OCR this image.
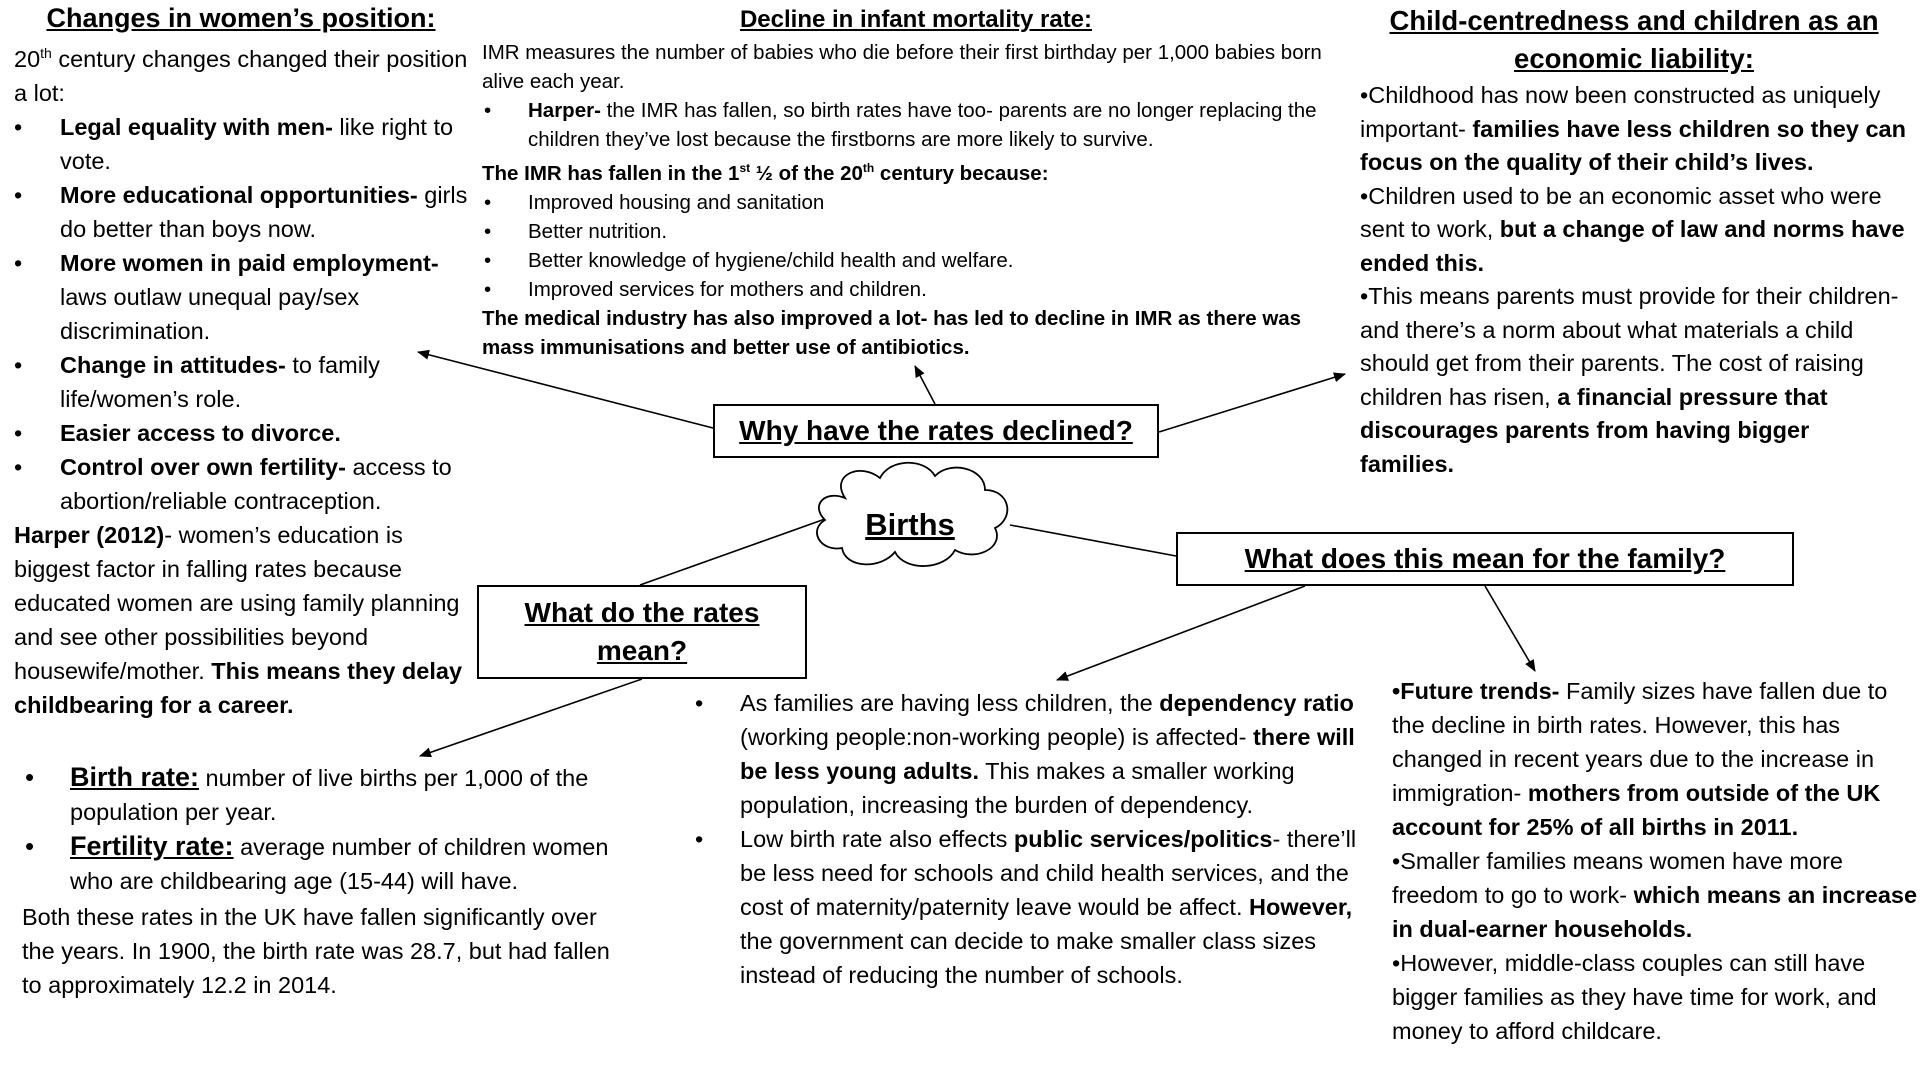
Changes in women’s position:

20th century changes changed their position a lot:

• Legal equality with men- like right to vote.
• More educational opportunities- girls do better than boys now.
• More women in paid employment- laws outlaw unequal pay/sex discrimination.
• Change in attitudes- to family life/women’s role.
• Easier access to divorce.
• Control over own fertility- access to abortion/reliable contraception.

Harper (2012)- women’s education is biggest factor in falling rates because educated women are using family planning and see other possibilities beyond housewife/mother. This means they delay childbearing for a career.

Decline in infant mortality rate:

IMR measures the number of babies who die before their first birthday per 1,000 babies born alive each year.

• Harper- the IMR has fallen, so birth rates have too- parents are no longer replacing the children they’ve lost because the firstborns are more likely to survive.

The IMR has fallen in the 1st ½ of the 20th century because:

• Improved housing and sanitation
• Better nutrition.
• Better knowledge of hygiene/child health and welfare.
• Improved services for mothers and children.

The medical industry has also improved a lot- has led to decline in IMR as there was mass immunisations and better use of antibiotics.

Child-centredness and children as an economic liability:

•Childhood has now been constructed as uniquely important- families have less children so they can focus on the quality of their child’s lives.

•Children used to be an economic asset who were sent to work, but a change of law and norms have ended this.

•This means parents must provide for their children- and there’s a norm about what materials a child should get from their parents. The cost of raising children has risen, a financial pressure that discourages parents from having bigger families.

Births
Why have the rates declined?
What does this mean for the family?
What do the rates mean?
• Birth rate: number of live births per 1,000 of the population per year.
• Fertility rate: average number of children women who are childbearing age (15-44) will have.

Both these rates in the UK have fallen significantly over the years. In 1900, the birth rate was 28.7, but had fallen to approximately 12.2 in 2014.

• As families are having less children, the dependency ratio (working people:non-working people) is affected- there will be less young adults. This makes a smaller working population, increasing the burden of dependency.
• Low birth rate also effects public services/politics- there’ll be less need for schools and child health services, and the cost of maternity/paternity leave would be affect. However, the government can decide to make smaller class sizes instead of reducing the number of schools.

•Future trends- Family sizes have fallen due to the decline in birth rates. However, this has changed in recent years due to the increase in immigration- mothers from outside of the UK account for 25% of all births in 2011.

•Smaller families means women have more freedom to go to work- which means an increase in dual-earner households.

•However, middle-class couples can still have bigger families as they have time for work, and money to afford childcare.
